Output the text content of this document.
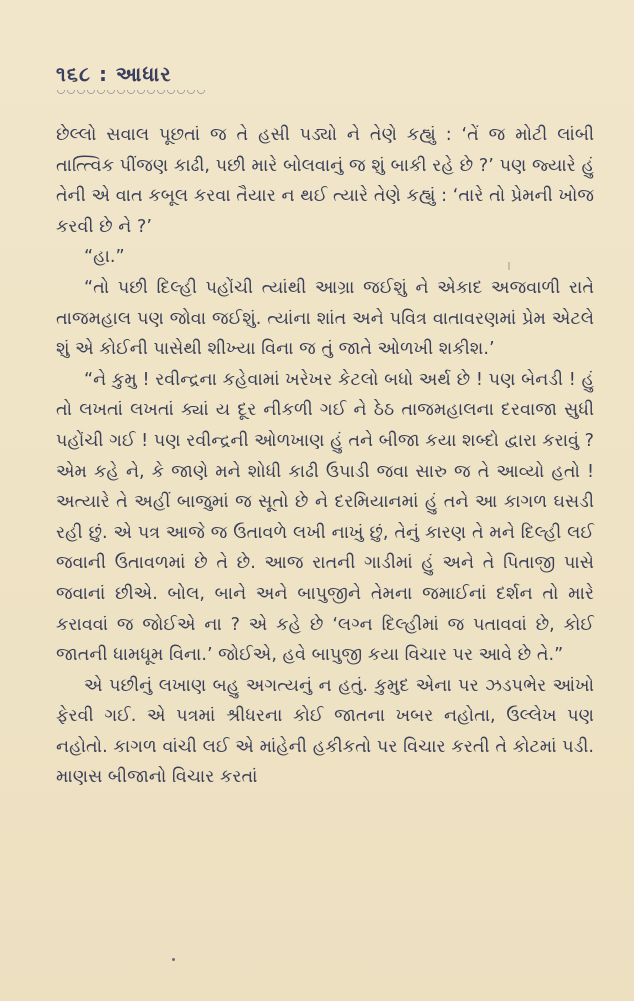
૧૬૮ : આધાર

છેલ્લો સવાલ પૂછતાં જ તે હસી પડ્યો ને તેણે કહ્યું : ‘તેં જ મોટી લાંબી તાત્ત્વિક પીંજણ કાઢી, પછી મારે બોલવાનું જ શું બાકી રહે છે ?’ પણ જ્યારે હું તેની એ વાત કબૂલ કરવા તૈયાર ન થઈ ત્યારે તેણે કહ્યું : ‘તારે તો પ્રેમની ખોજ કરવી છે ને ?’

“હા.”

“તો પછી દિલ્હી પહોંચી ત્યાંથી આગ્રા જઈશું ને એકાદ અજવાળી રાતે તાજમહાલ પણ જોવા જઈશું. ત્યાંના શાંત અને પવિત્ર વાતાવરણમાં પ્રેમ એટલે શું એ કોઈની પાસેથી શીખ્યા વિના જ તું જાતે ઓળખી શકીશ.’

“ને કુમુ ! રવીન્દ્રના કહેવામાં ખરેખર કેટલો બધો અર્થ છે ! પણ બેનડી ! હું તો લખતાં લખતાં ક્યાં ય દૂર નીકળી ગઈ ને ઠેઠ તાજમહાલના દરવાજા સુધી પહોંચી ગઈ ! પણ રવીન્દ્રની ઓળખાણ હું તને બીજા કયા શબ્દો દ્વારા કરાવું ? એમ કહે ને, કે જાણે મને શોધી કાઢી ઉપાડી જવા સારુ જ તે આવ્યો હતો ! અત્યારે તે અહીં બાજુમાં જ સૂતો છે ને દરમિયાનમાં હું તને આ કાગળ ઘસડી રહી છું. એ પત્ર આજે જ ઉતાવળે લખી નાખું છું, તેનું કારણ તે મને દિલ્હી લઈ જવાની ઉતાવળમાં છે તે છે. આજ રાતની ગાડીમાં હું અને તે પિતાજી પાસે જવાનાં છીએ. બોલ, બાને અને બાપુજીને તેમના જમાઈનાં દર્શન તો મારે કરાવવાં જ જોઈએ ના ? એ કહે છે ‘લગ્ન દિલ્હીમાં જ પતાવવાં છે, કોઈ જાતની ધામધૂમ વિના.’ જોઈએ, હવે બાપુજી કયા વિચાર પર આવે છે તે.”

એ પછીનું લખાણ બહુ અગત્યનું ન હતું. કુમુદ એના પર ઝડપભેર આંખો ફેરવી ગઈ. એ પત્રમાં શ્રીધરના કોઈ જાતના ખબર નહોતા, ઉલ્લેખ પણ નહોતો. કાગળ વાંચી લઈ એ માંહેની હકીકતો પર વિચાર કરતી તે કોટમાં પડી. માણસ બીજાનો વિચાર કરતાં
